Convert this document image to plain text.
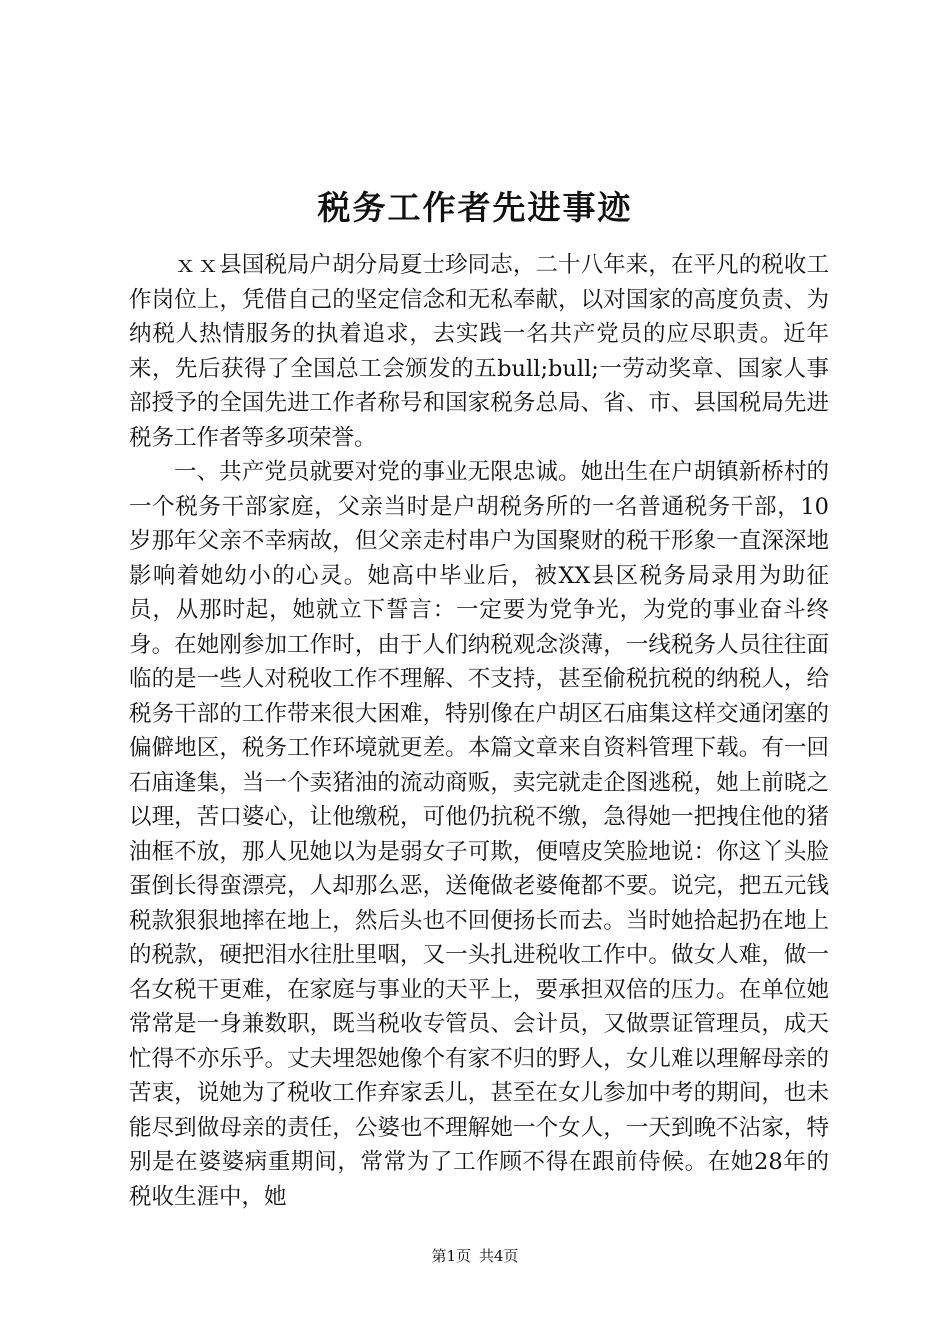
税务工作者先进事迹

ｘｘ县国税局户胡分局夏士珍同志，二十八年来，在平凡的税收工作岗位上，凭借自己的坚定信念和无私奉献，以对国家的高度负责、为纳税人热情服务的执着追求，去实践一名共产党员的应尽职责。近年来，先后获得了全国总工会颁发的五bull;bull;一劳动奖章、国家人事部授予的全国先进工作者称号和国家税务总局、省、市、县国税局先进税务工作者等多项荣誉。

一、共产党员就要对党的事业无限忠诚。她出生在户胡镇新桥村的一个税务干部家庭，父亲当时是户胡税务所的一名普通税务干部，10岁那年父亲不幸病故，但父亲走村串户为国聚财的税干形象一直深深地影响着她幼小的心灵。她高中毕业后，被XX县区税务局录用为助征员，从那时起，她就立下誓言：一定要为党争光，为党的事业奋斗终身。在她刚参加工作时，由于人们纳税观念淡薄，一线税务人员往往面临的是一些人对税收工作不理解、不支持，甚至偷税抗税的纳税人，给税务干部的工作带来很大困难，特别像在户胡区石庙集这样交通闭塞的偏僻地区，税务工作环境就更差。本篇文章来自资料管理下载。有一回石庙逢集，当一个卖猪油的流动商贩，卖完就走企图逃税，她上前晓之以理，苦口婆心，让他缴税，可他仍抗税不缴，急得她一把拽住他的猪油框不放，那人见她以为是弱女子可欺，便嘻皮笑脸地说：你这丫头脸蛋倒长得蛮漂亮，人却那么恶，送俺做老婆俺都不要。说完，把五元钱税款狠狠地摔在地上，然后头也不回便扬长而去。当时她拾起扔在地上的税款，硬把泪水往肚里咽，又一头扎进税收工作中。做女人难，做一名女税干更难，在家庭与事业的天平上，要承担双倍的压力。在单位她常常是一身兼数职，既当税收专管员、会计员，又做票证管理员，成天忙得不亦乐乎。丈夫埋怨她像个有家不归的野人，女儿难以理解母亲的苦衷，说她为了税收工作弃家丢儿，甚至在女儿参加中考的期间，也未能尽到做母亲的责任，公婆也不理解她一个女人，一天到晚不沾家，特别是在婆婆病重期间，常常为了工作顾不得在跟前侍候。在她28年的税收生涯中，她

第1页 共4页
